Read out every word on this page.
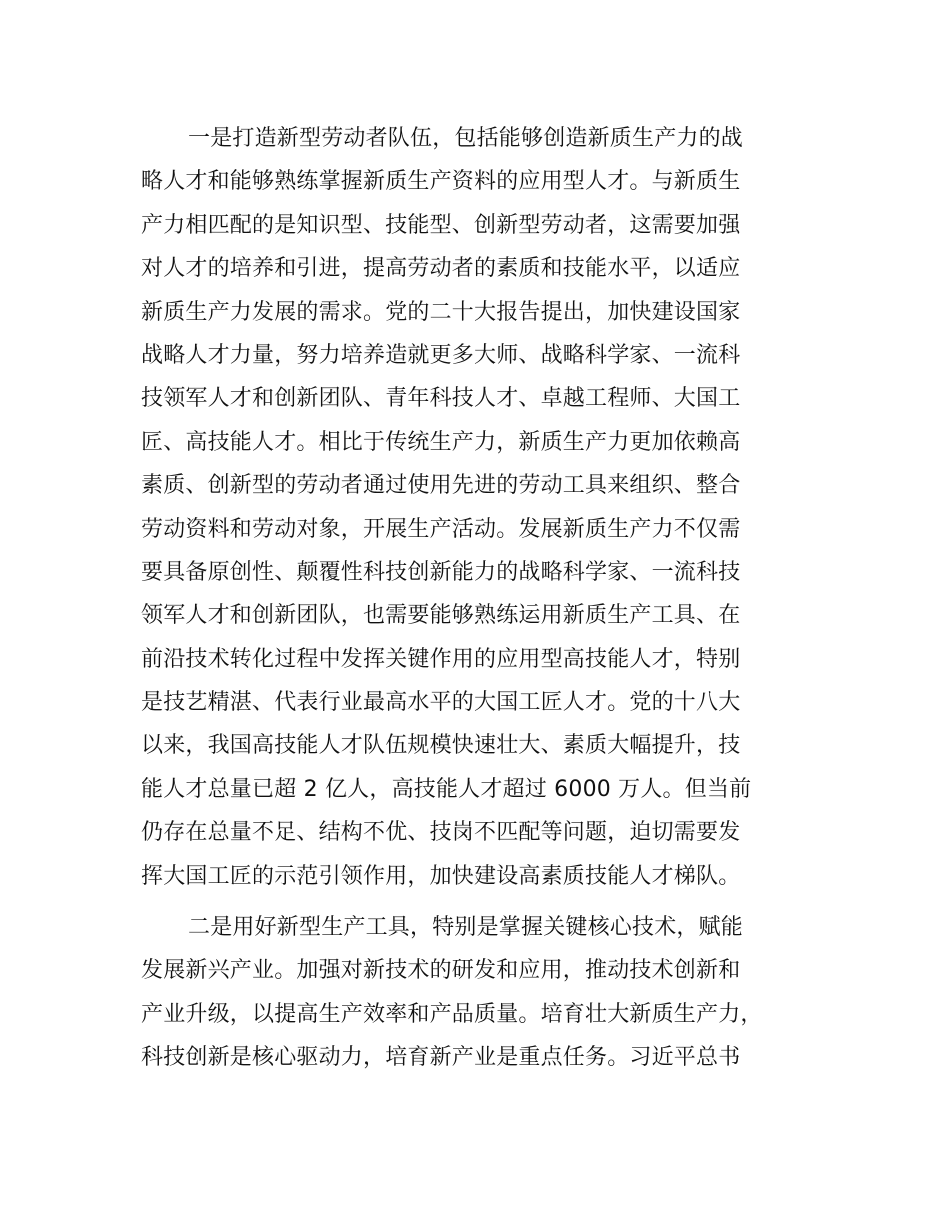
一是打造新型劳动者队伍，包括能够创造新质生产力的战
略人才和能够熟练掌握新质生产资料的应用型人才。与新质生
产力相匹配的是知识型、技能型、创新型劳动者，这需要加强
对人才的培养和引进，提高劳动者的素质和技能水平，以适应
新质生产力发展的需求。党的二十大报告提出，加快建设国家
战略人才力量，努力培养造就更多大师、战略科学家、一流科
技领军人才和创新团队、青年科技人才、卓越工程师、大国工
匠、高技能人才。相比于传统生产力，新质生产力更加依赖高
素质、创新型的劳动者通过使用先进的劳动工具来组织、整合
劳动资料和劳动对象，开展生产活动。发展新质生产力不仅需
要具备原创性、颠覆性科技创新能力的战略科学家、一流科技
领军人才和创新团队，也需要能够熟练运用新质生产工具、在
前沿技术转化过程中发挥关键作用的应用型高技能人才，特别
是技艺精湛、代表行业最高水平的大国工匠人才。党的十八大
以来，我国高技能人才队伍规模快速壮大、素质大幅提升，技
能人才总量已超 2 亿人，高技能人才超过 6000 万人。但当前
仍存在总量不足、结构不优、技岗不匹配等问题，迫切需要发
挥大国工匠的示范引领作用，加快建设高素质技能人才梯队。

二是用好新型生产工具，特别是掌握关键核心技术，赋能
发展新兴产业。加强对新技术的研发和应用，推动技术创新和
产业升级，以提高生产效率和产品质量。培育壮大新质生产力，
科技创新是核心驱动力，培育新产业是重点任务。习近平总书
